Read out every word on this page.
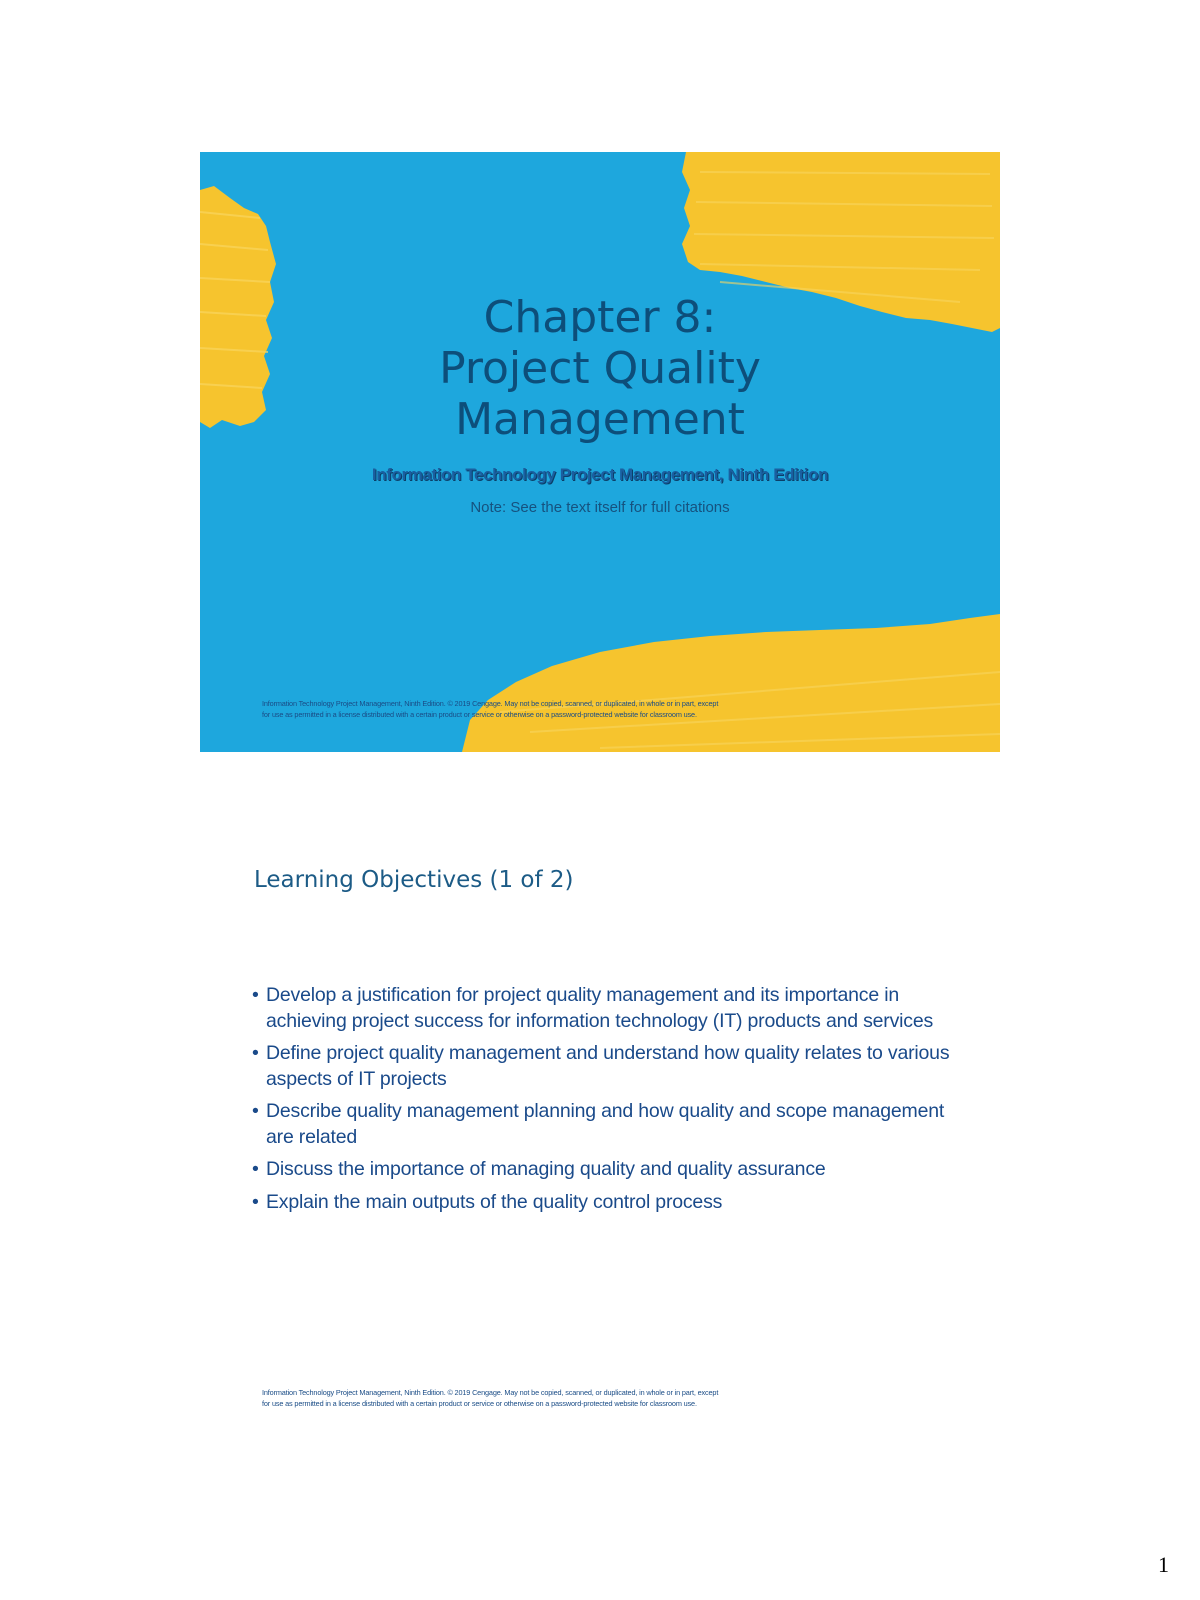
Chapter 8:
Project Quality
Management

Information Technology Project Management, Ninth Edition

Note: See the text itself for full citations

Information Technology Project Management, Ninth Edition. © 2019 Cengage. May not be copied, scanned, or duplicated, in whole or in part, except
for use as permitted in a license distributed with a certain product or service or otherwise on a password-protected website for classroom use.
Learning Objectives (1 of 2)
• Develop a justification for project quality management and its importance in achieving project success for information technology (IT) products and services
• Define project quality management and understand how quality relates to various aspects of IT projects
• Describe quality management planning and how quality and scope management are related
• Discuss the importance of managing quality and quality assurance
• Explain the main outputs of the quality control process
Information Technology Project Management, Ninth Edition. © 2019 Cengage. May not be copied, scanned, or duplicated, in whole or in part, except
for use as permitted in a license distributed with a certain product or service or otherwise on a password-protected website for classroom use.
1
